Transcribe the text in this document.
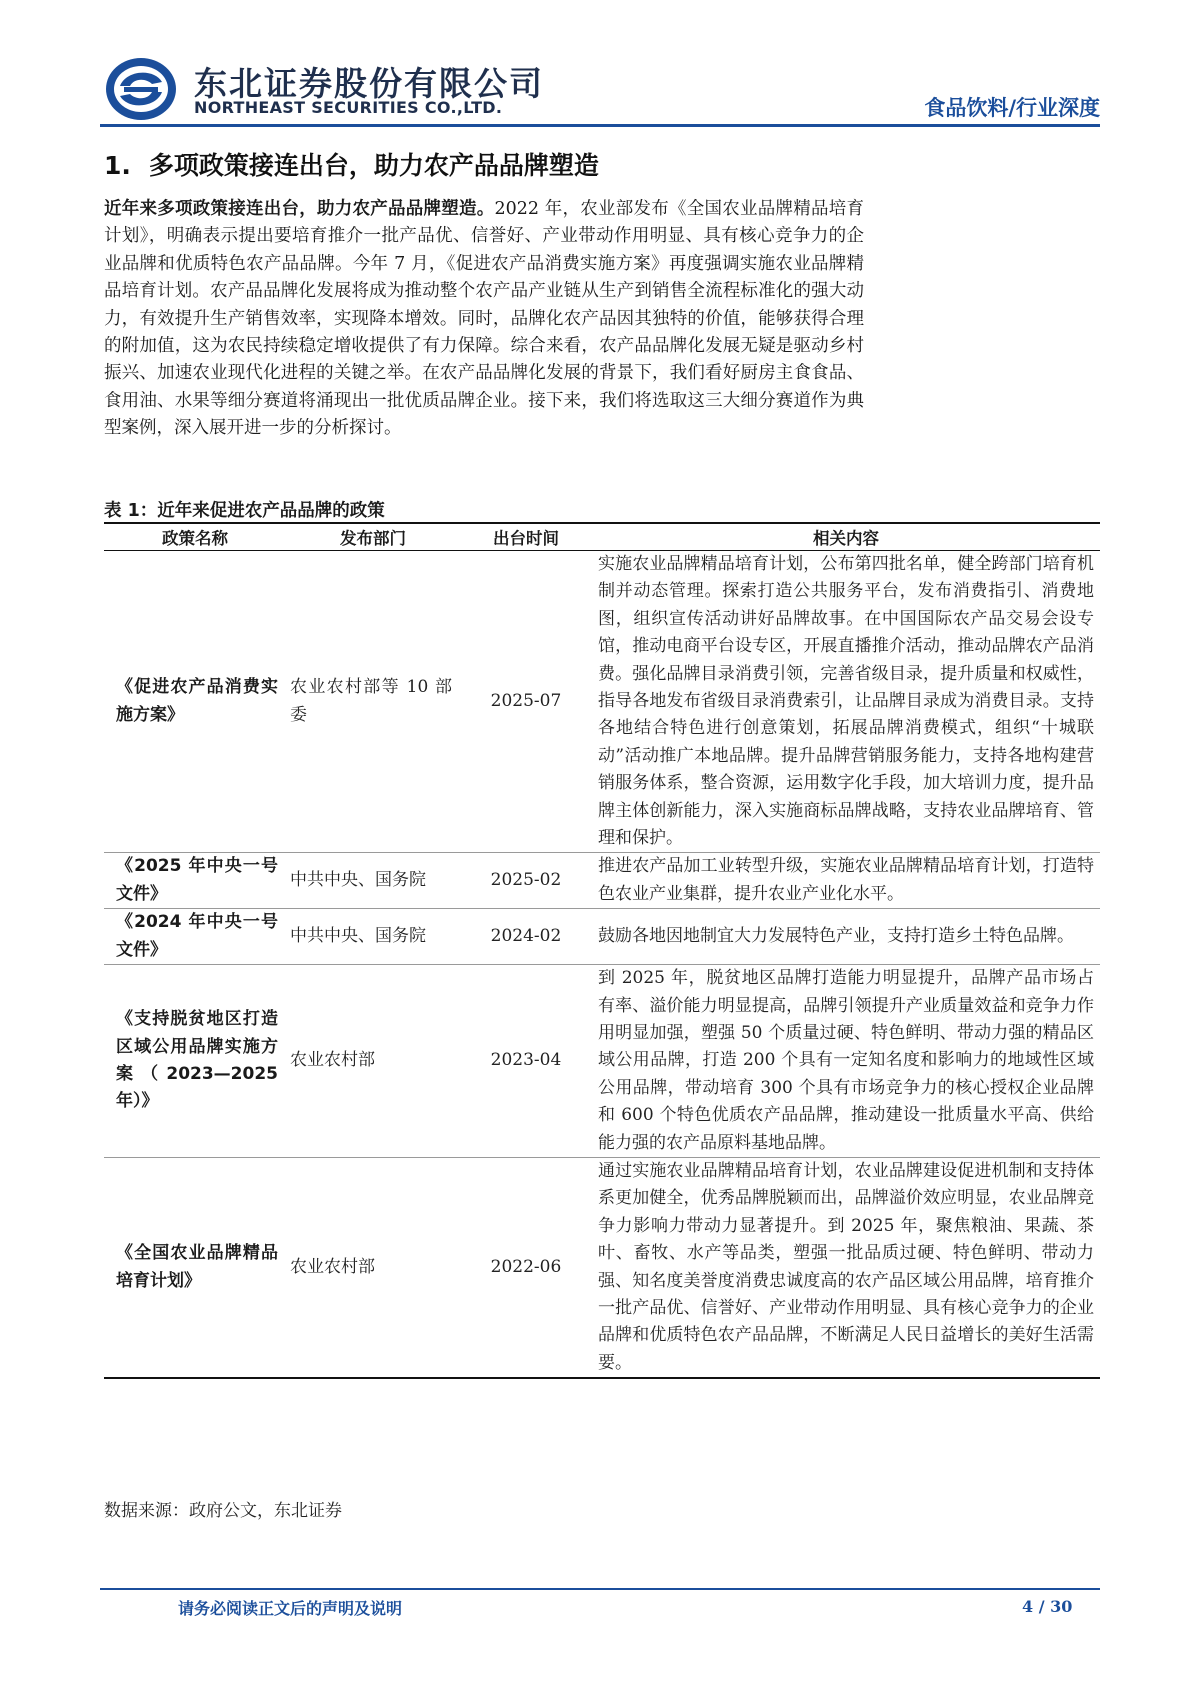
东北证券股份有限公司
NORTHEAST SECURITIES CO.,LTD.	食品饮料/行业深度
1. 多项政策接连出台，助力农产品品牌塑造
近年来多项政策接连出台，助力农产品品牌塑造。2022 年，农业部发布《全国农业品牌精品培育计划》，明确表示提出要培育推介一批产品优、信誉好、产业带动作用明显、具有核心竞争力的企业品牌和优质特色农产品品牌。今年 7 月，《促进农产品消费实施方案》再度强调实施农业品牌精品培育计划。农产品品牌化发展将成为推动整个农产品产业链从生产到销售全流程标准化的强大动力，有效提升生产销售效率，实现降本增效。同时，品牌化农产品因其独特的价值，能够获得合理的附加值，这为农民持续稳定增收提供了有力保障。综合来看，农产品品牌化发展无疑是驱动乡村振兴、加速农业现代化进程的关键之举。在农产品品牌化发展的背景下，我们看好厨房主食食品、食用油、水果等细分赛道将涌现出一批优质品牌企业。接下来，我们将选取这三大细分赛道作为典型案例，深入展开进一步的分析探讨。
表 1：近年来促进农产品品牌的政策
政策名称	发布部门	出台时间	相关内容
《促进农产品消费实施方案》	农业农村部等 10 部委	2025-07	实施农业品牌精品培育计划，公布第四批名单，健全跨部门培育机制并动态管理。探索打造公共服务平台，发布消费指引、消费地图，组织宣传活动讲好品牌故事。在中国国际农产品交易会设专馆，推动电商平台设专区，开展直播推介活动，推动品牌农产品消费。强化品牌目录消费引领，完善省级目录，提升质量和权威性，指导各地发布省级目录消费索引，让品牌目录成为消费目录。支持各地结合特色进行创意策划，拓展品牌消费模式，组织“十城联动”活动推广本地品牌。提升品牌营销服务能力，支持各地构建营销服务体系，整合资源，运用数字化手段，加大培训力度，提升品牌主体创新能力，深入实施商标品牌战略，支持农业品牌培育、管理和保护。
《2025 年中央一号文件》	中共中央、国务院	2025-02	推进农产品加工业转型升级，实施农业品牌精品培育计划，打造特色农业产业集群，提升农业产业化水平。
《2024 年中央一号文件》	中共中央、国务院	2024-02	鼓励各地因地制宜大力发展特色产业，支持打造乡土特色品牌。
《支持脱贫地区打造区域公用品牌实施方案（2023—2025年）》	农业农村部	2023-04	到 2025 年，脱贫地区品牌打造能力明显提升，品牌产品市场占有率、溢价能力明显提高，品牌引领提升产业质量效益和竞争力作用明显加强，塑强 50 个质量过硬、特色鲜明、带动力强的精品区域公用品牌，打造 200 个具有一定知名度和影响力的地域性区域公用品牌，带动培育 300 个具有市场竞争力的核心授权企业品牌和 600 个特色优质农产品品牌，推动建设一批质量水平高、供给能力强的农产品原料基地品牌。
《全国农业品牌精品培育计划》	农业农村部	2022-06	通过实施农业品牌精品培育计划，农业品牌建设促进机制和支持体系更加健全，优秀品牌脱颖而出，品牌溢价效应明显，农业品牌竞争力影响力带动力显著提升。到 2025 年，聚焦粮油、果蔬、茶叶、畜牧、水产等品类，塑强一批品质过硬、特色鲜明、带动力强、知名度美誉度消费忠诚度高的农产品区域公用品牌，培育推介一批产品优、信誉好、产业带动作用明显、具有核心竞争力的企业品牌和优质特色农产品品牌，不断满足人民日益增长的美好生活需要。
数据来源：政府公文，东北证券
请务必阅读正文后的声明及说明	4 / 30
